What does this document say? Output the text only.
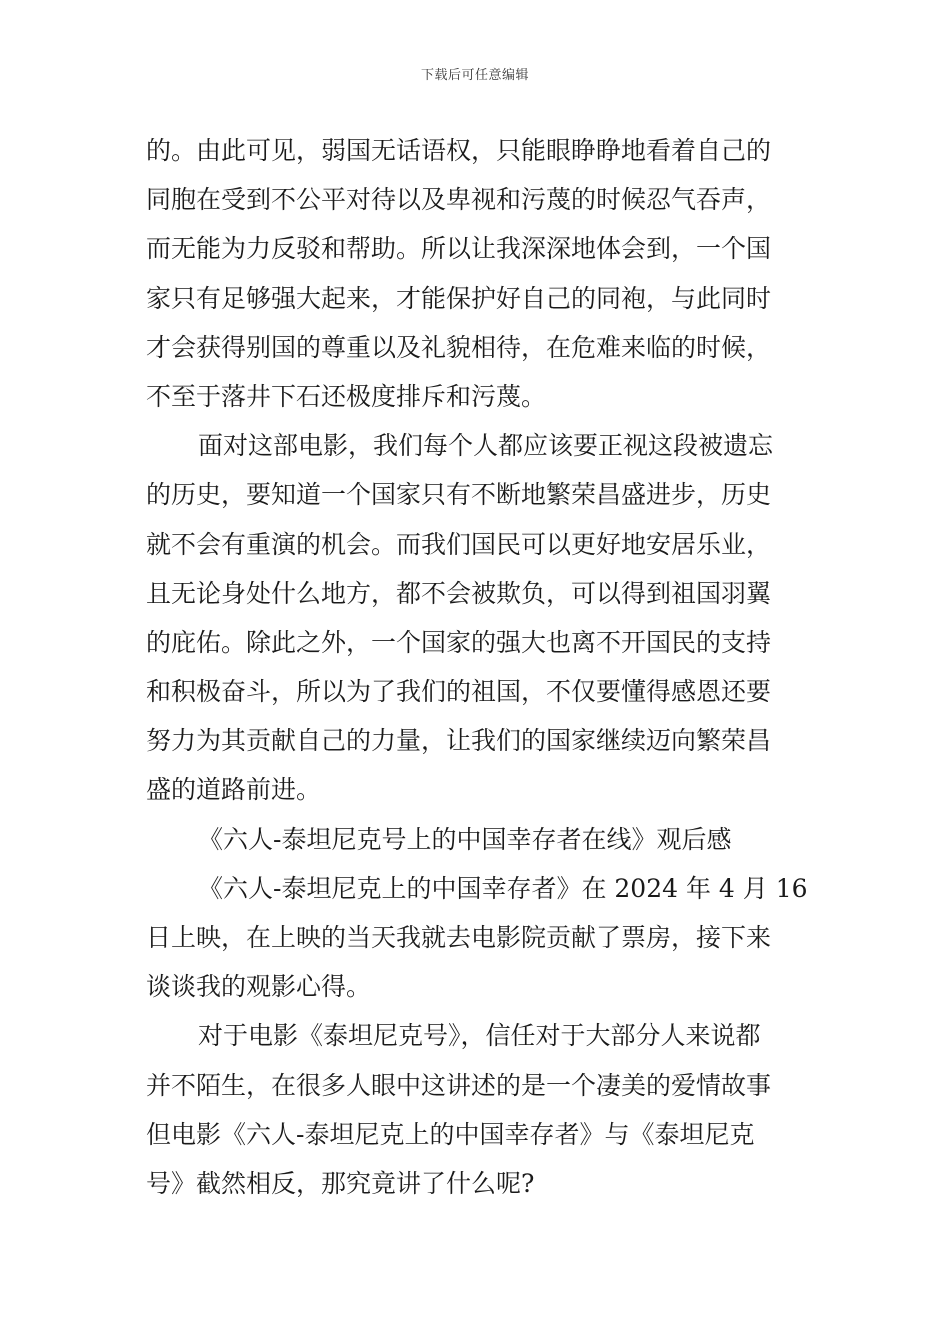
下载后可任意编辑
的。由此可见，弱国无话语权，只能眼睁睁地看着自己的
同胞在受到不公平对待以及卑视和污蔑的时候忍气吞声，
而无能为力反驳和帮助。所以让我深深地体会到，一个国
家只有足够强大起来，才能保护好自己的同袍，与此同时
才会获得别国的尊重以及礼貌相待，在危难来临的时候，
不至于落井下石还极度排斥和污蔑。
面对这部电影，我们每个人都应该要正视这段被遗忘
的历史，要知道一个国家只有不断地繁荣昌盛进步，历史
就不会有重演的机会。而我们国民可以更好地安居乐业，
且无论身处什么地方，都不会被欺负，可以得到祖国羽翼
的庇佑。除此之外，一个国家的强大也离不开国民的支持
和积极奋斗，所以为了我们的祖国，不仅要懂得感恩还要
努力为其贡献自己的力量，让我们的国家继续迈向繁荣昌
盛的道路前进。
《六人-泰坦尼克号上的中国幸存者在线》观后感
《六人-泰坦尼克上的中国幸存者》在 2024 年 4 月 16
日上映，在上映的当天我就去电影院贡献了票房，接下来
谈谈我的观影心得。
对于电影《泰坦尼克号》，信任对于大部分人来说都
并不陌生，在很多人眼中这讲述的是一个凄美的爱情故事
但电影《六人-泰坦尼克上的中国幸存者》与《泰坦尼克
号》截然相反，那究竟讲了什么呢?
